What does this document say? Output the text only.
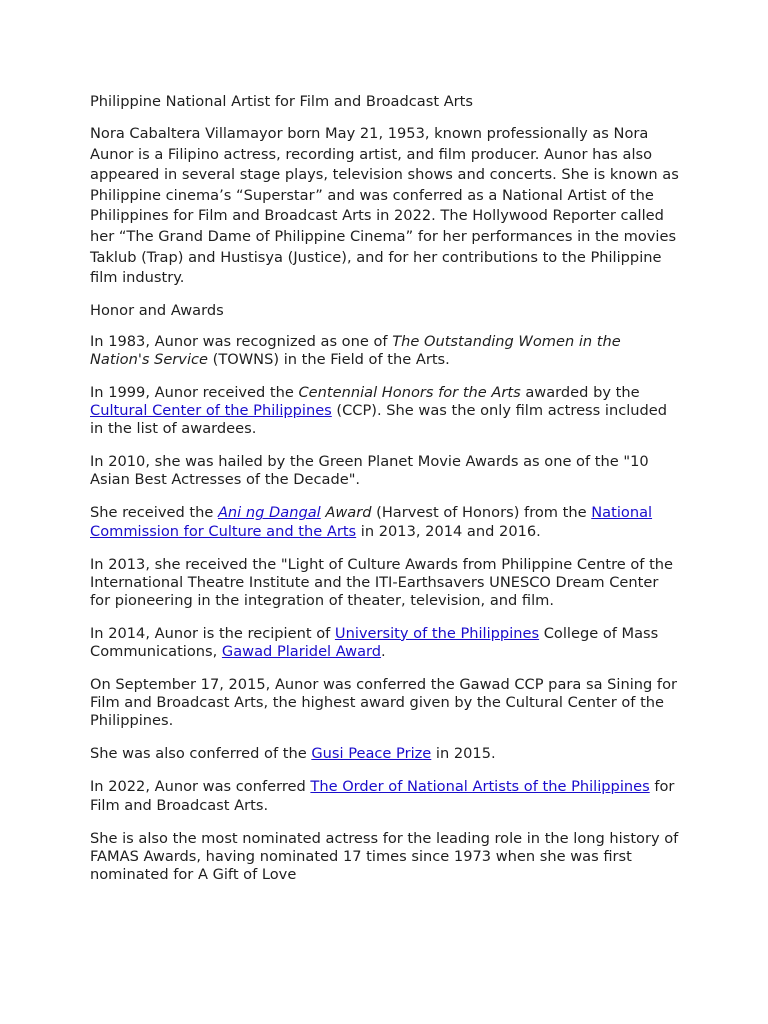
Philippine National Artist for Film and Broadcast Arts

Nora Cabaltera Villamayor born May 21, 1953, known professionally as Nora Aunor is a Filipino actress, recording artist, and film producer. Aunor has also appeared in several stage plays, television shows and concerts. She is known as Philippine cinema’s “Superstar” and was conferred as a National Artist of the Philippines for Film and Broadcast Arts in 2022. The Hollywood Reporter called her “The Grand Dame of Philippine Cinema” for her performances in the movies Taklub (Trap) and Hustisya (Justice), and for her contributions to the Philippine film industry.

Honor and Awards

In 1983, Aunor was recognized as one of The Outstanding Women in the Nation's Service (TOWNS) in the Field of the Arts.

In 1999, Aunor received the Centennial Honors for the Arts awarded by the Cultural Center of the Philippines (CCP). She was the only film actress included in the list of awardees.

In 2010, she was hailed by the Green Planet Movie Awards as one of the "10 Asian Best Actresses of the Decade".

She received the Ani ng Dangal Award (Harvest of Honors) from the National Commission for Culture and the Arts in 2013, 2014 and 2016.

In 2013, she received the "Light of Culture Awards from Philippine Centre of the International Theatre Institute and the ITI-Earthsavers UNESCO Dream Center for pioneering in the integration of theater, television, and film.

In 2014, Aunor is the recipient of University of the Philippines College of Mass Communications, Gawad Plaridel Award.

On September 17, 2015, Aunor was conferred the Gawad CCP para sa Sining for Film and Broadcast Arts, the highest award given by the Cultural Center of the Philippines.

She was also conferred of the Gusi Peace Prize in 2015.

In 2022, Aunor was conferred The Order of National Artists of the Philippines for Film and Broadcast Arts.

She is also the most nominated actress for the leading role in the long history of FAMAS Awards, having nominated 17 times since 1973 when she was first nominated for A Gift of Love
